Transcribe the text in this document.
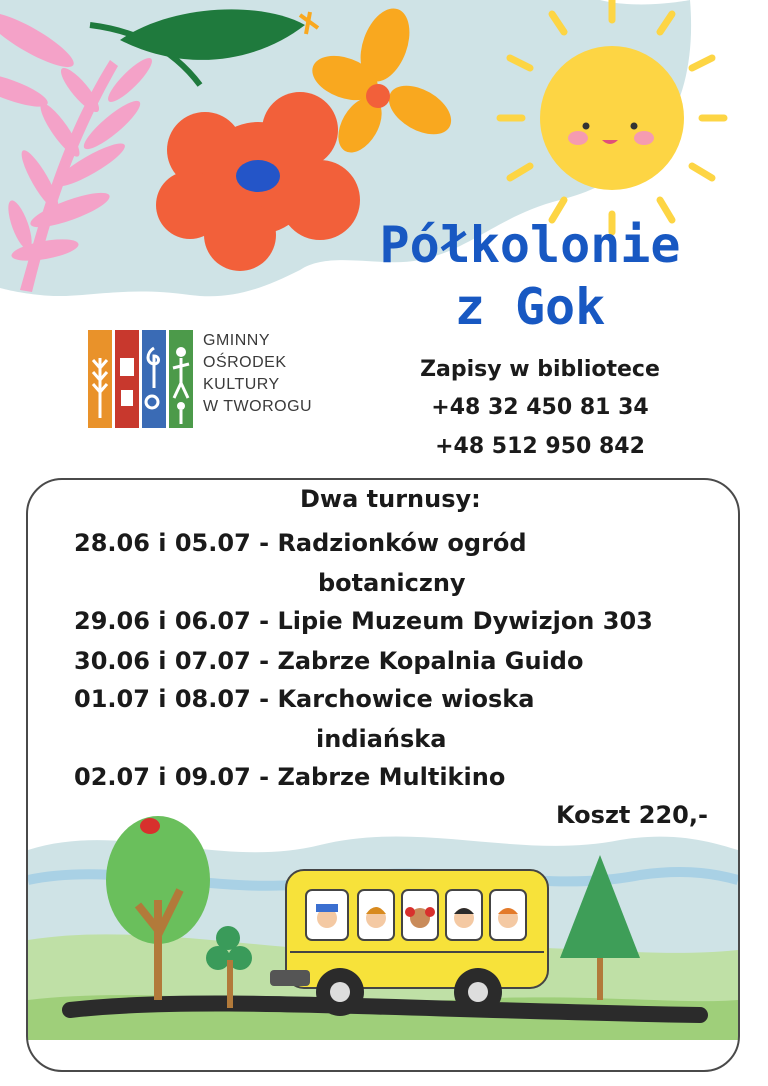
Półkolonie
z Gok
GMINNY
OŚRODEK
KULTURY
W TWOROGU
Zapisy w bibliotece
+48 32 450 81 34
+48 512 950 842
Dwa turnusy:
28.06 i 05.07 - Radzionków ogród
botaniczny
29.06 i 06.07 - Lipie Muzeum Dywizjon 303
30.06 i 07.07 - Zabrze Kopalnia Guido
01.07 i 08.07 - Karchowice wioska
indiańska
02.07 i 09.07 - Zabrze Multikino
Koszt 220,-
